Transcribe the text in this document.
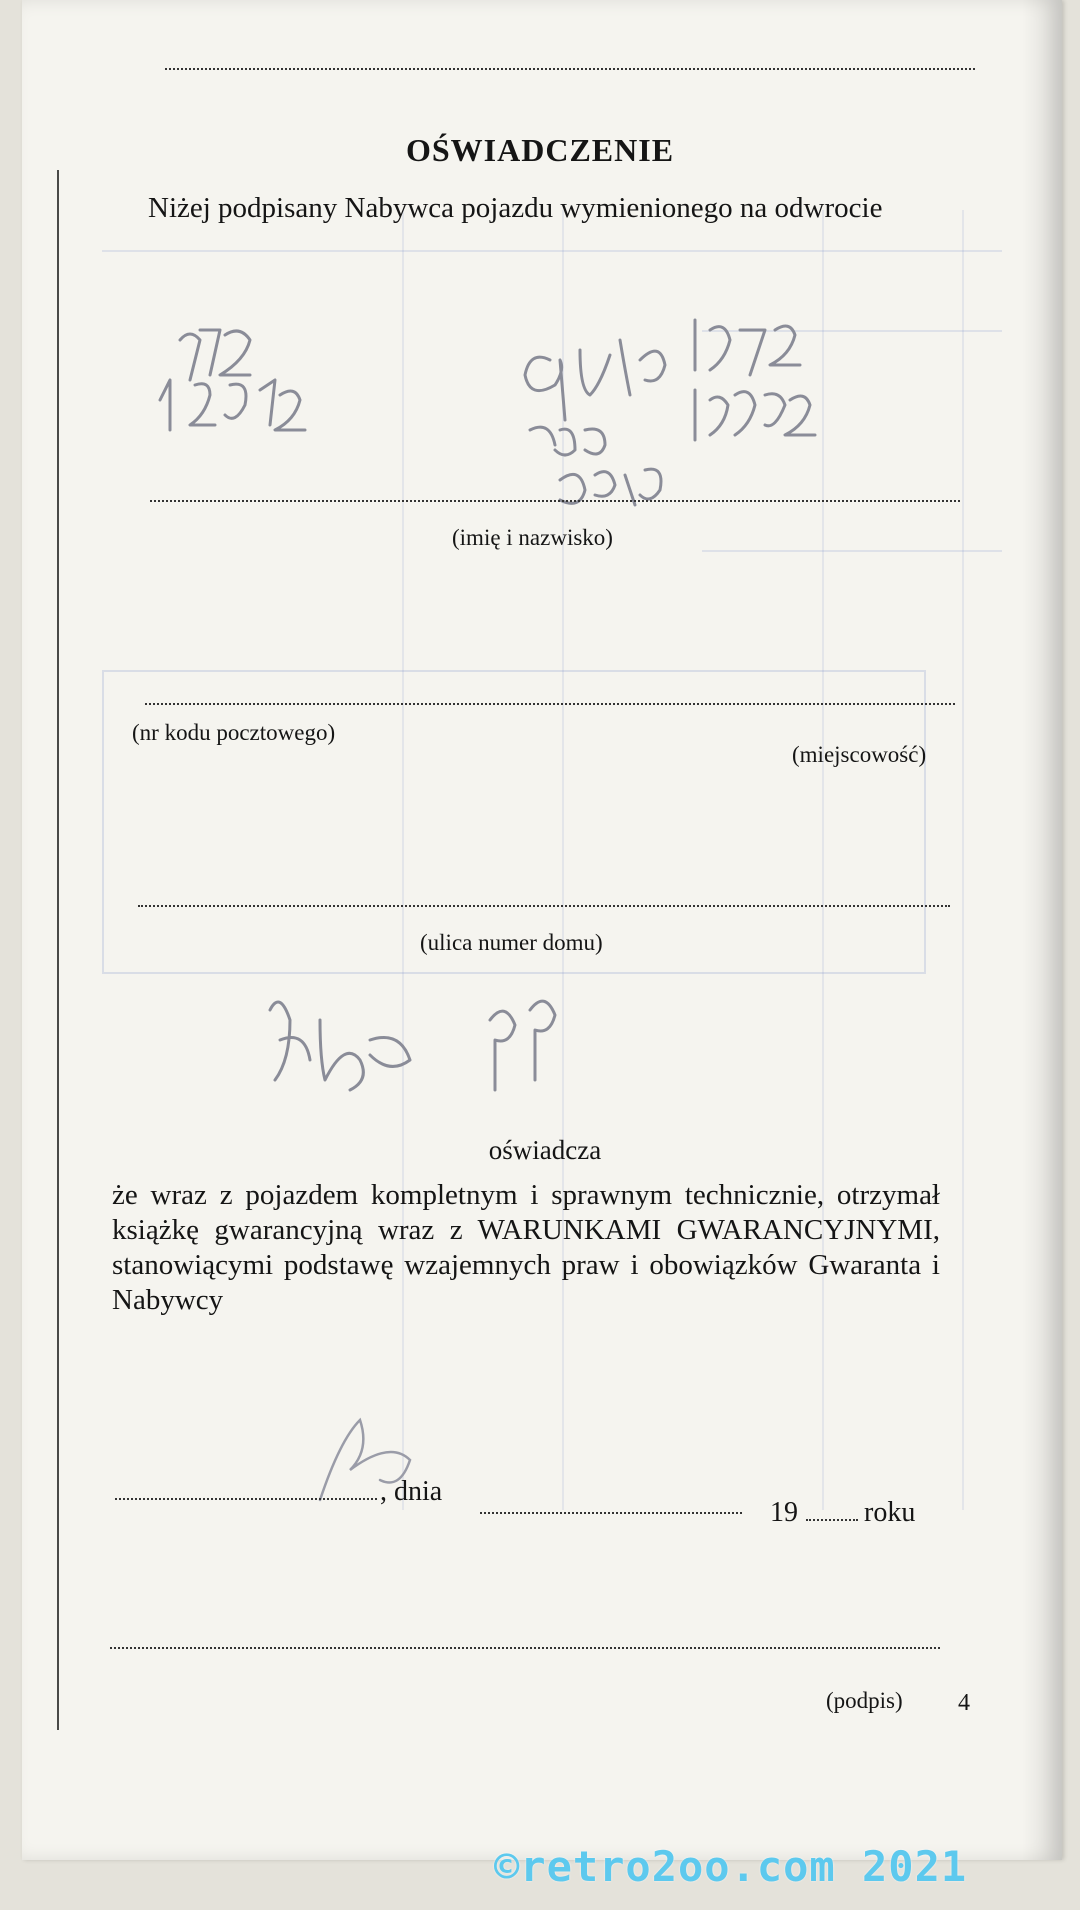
OŚWIADCZENIE
Niżej podpisany Nabywca pojazdu wymienionego na odwrocie
(imię i nazwisko)
(nr kodu pocztowego)
(miejscowość)
(ulica numer domu)
oświadcza
że wraz z pojazdem kompletnym i sprawnym technicznie, otrzymał książkę gwarancyjną wraz z WARUNKAMI GWARANCYJNYMI, stanowiącymi podstawę wzajemnych praw i obowiązków Gwaranta i Nabywcy
, dnia
19 roku
(podpis) 4
©retro2oo.com 2021
